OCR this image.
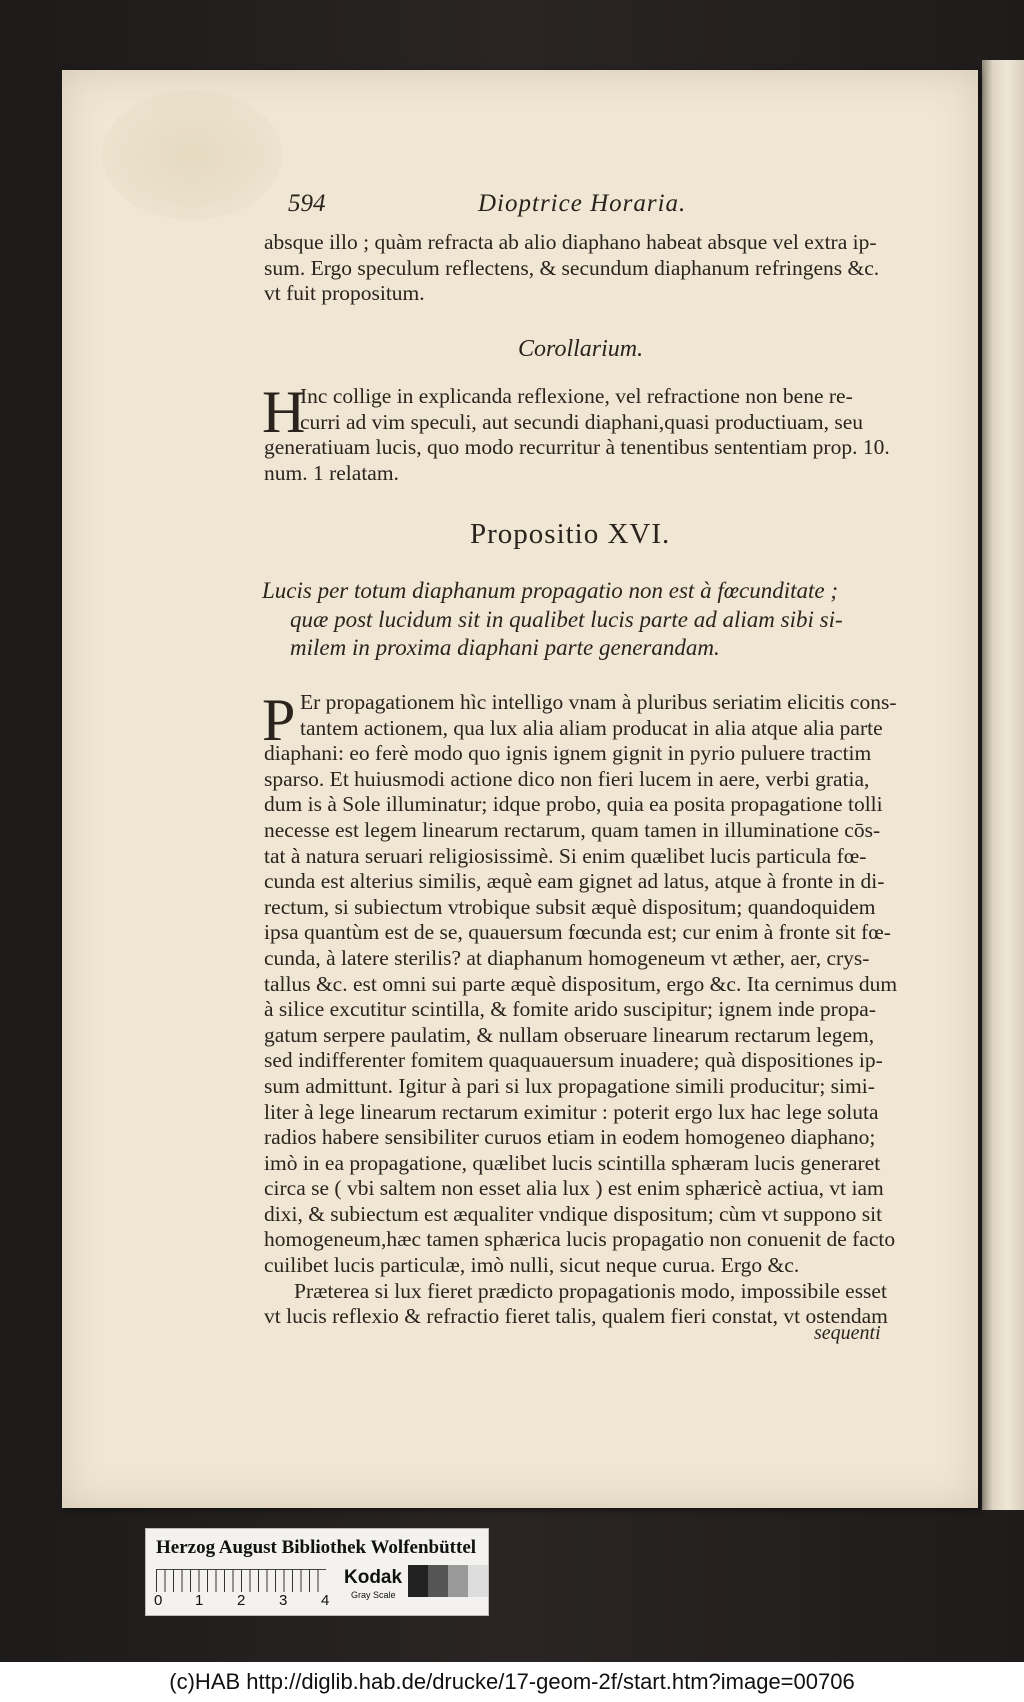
594	Dioptrice Horaria.
absque illo ; quàm refracta ab alio diaphano habeat absque vel extra ip-
sum. Ergo speculum reflectens, & secundum diaphanum refringens &c.
vt fuit propositum.
Corollarium.
H
Inc collige in explicanda reflexione, vel refractione non bene re-
curri ad vim speculi, aut secundi diaphani,quasi productiuam, seu
generatiuam lucis, quo modo recurritur à tenentibus sententiam prop. 10.
num. 1 relatam.
Propositio XVI.
Lucis per totum diaphanum propagatio non est à fœcunditate ;
quæ post lucidum sit in qualibet lucis parte ad aliam sibi si-
milem in proxima diaphani parte generandam.
P Er propagationem hìc intelligo vnam à pluribus seriatim elicitis cons-
tantem actionem, qua lux alia aliam producat in alia atque alia parte
diaphani: eo ferè modo quo ignis ignem gignit in pyrio puluere tractim
sparso. Et huiusmodi actione dico non fieri lucem in aere, verbi gratia,
dum is à Sole illuminatur; idque probo, quia ea posita propagatione tolli
necesse est legem linearum rectarum, quam tamen in illuminatione cōs-
tat à natura seruari religiosissimè. Si enim quælibet lucis particula fœ-
cunda est alterius similis, æquè eam gignet ad latus, atque à fronte in di-
rectum, si subiectum vtrobique subsit æquè dispositum; quandoquidem
ipsa quantùm est de se, quauersum fœcunda est; cur enim à fronte sit fœ-
cunda, à latere sterilis? at diaphanum homogeneum vt æther, aer, crys-
tallus &c. est omni sui parte æquè dispositum, ergo &c. Ita cernimus dum
à silice excutitur scintilla, & fomite arido suscipitur; ignem inde propa-
gatum serpere paulatim, & nullam obseruare linearum rectarum legem,
sed indifferenter fomitem quaquauersum inuadere; quà dispositiones ip-
sum admittunt. Igitur à pari si lux propagatione simili producitur; simi-
liter à lege linearum rectarum eximitur : poterit ergo lux hac lege soluta
radios habere sensibiliter curuos etiam in eodem homogeneo diaphano;
imò in ea propagatione, quælibet lucis scintilla sphæram lucis generaret
circa se ( vbi saltem non esset alia lux ) est enim sphæricè actiua, vt iam
dixi, & subiectum est æqualiter vndique dispositum; cùm vt suppono sit
homogeneum,hæc tamen sphærica lucis propagatio non conuenit de facto
cuilibet lucis particulæ, imò nulli, sicut neque curua. Ergo &c.
Præterea si lux fieret prædicto propagationis modo, impossibile esset
vt lucis reflexio & refractio fieret talis, qualem fieri constat, vt ostendam
sequenti
Herzog August Bibliothek Wolfenbüttel
0 1 2 3 4
Kodak
Gray Scale
(c)HAB http://diglib.hab.de/drucke/17-geom-2f/start.htm?image=00706
